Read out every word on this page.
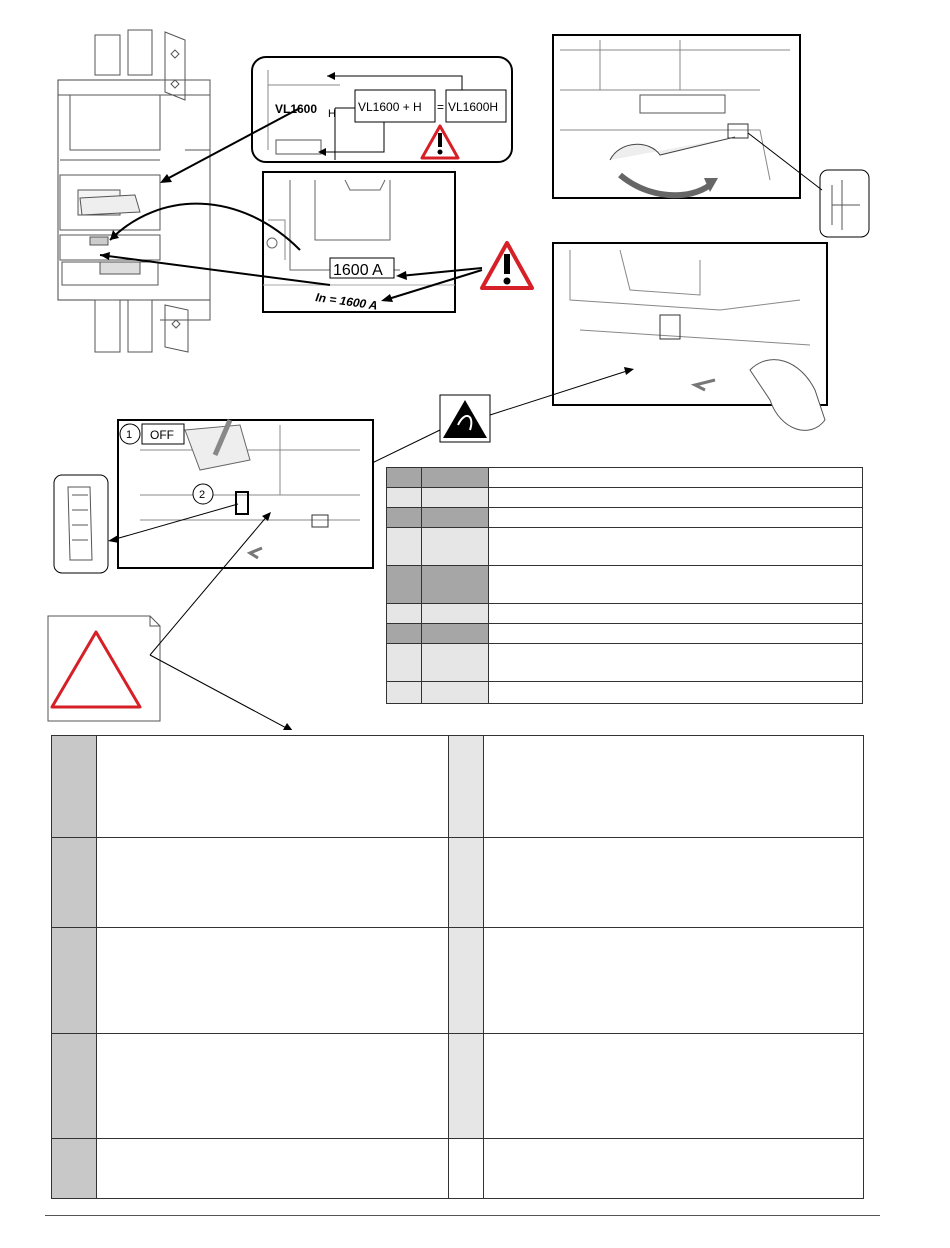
VL1600 H VL1600 + H = VL1600H
1600 A
In = 1600 A
OFF
1
2
